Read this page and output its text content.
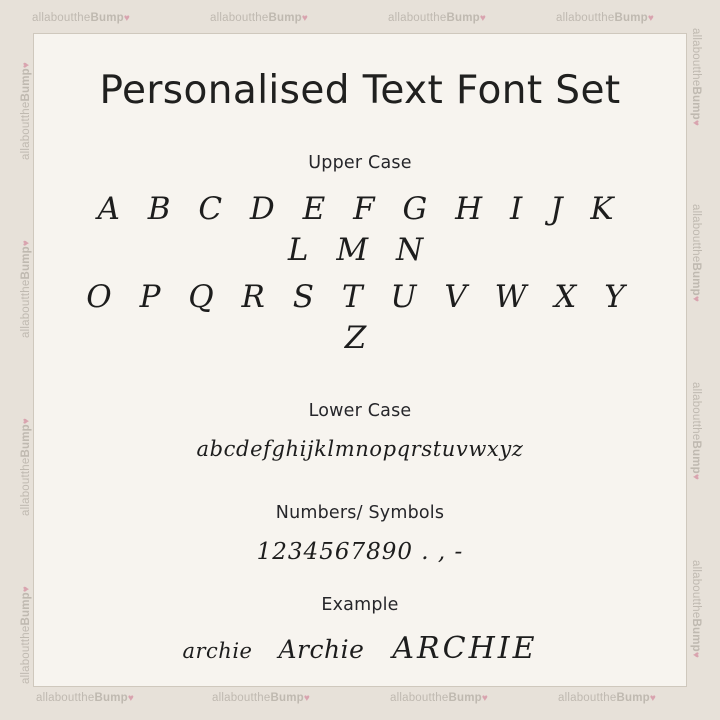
allabouttheBump♥	allabouttheBump♥	allabouttheBump♥	allabouttheBump♥
allabouttheBump♥	allabouttheBump♥	allabouttheBump♥	allabouttheBump♥
allabouttheBump♥
allabouttheBump♥
allabouttheBump♥
allabouttheBump♥
allabouttheBump♥
allabouttheBump♥
allabouttheBump♥
allabouttheBump♥
Personalised Text Font Set
Upper Case
A B C D E F G H I J K L M N
O P Q R S T U V W X Y Z
Lower Case
abcdefghijklmnopqrstuvwxyz
Numbers/ Symbols
1234567890 . , -
Example
archie Archie ARCHIE
